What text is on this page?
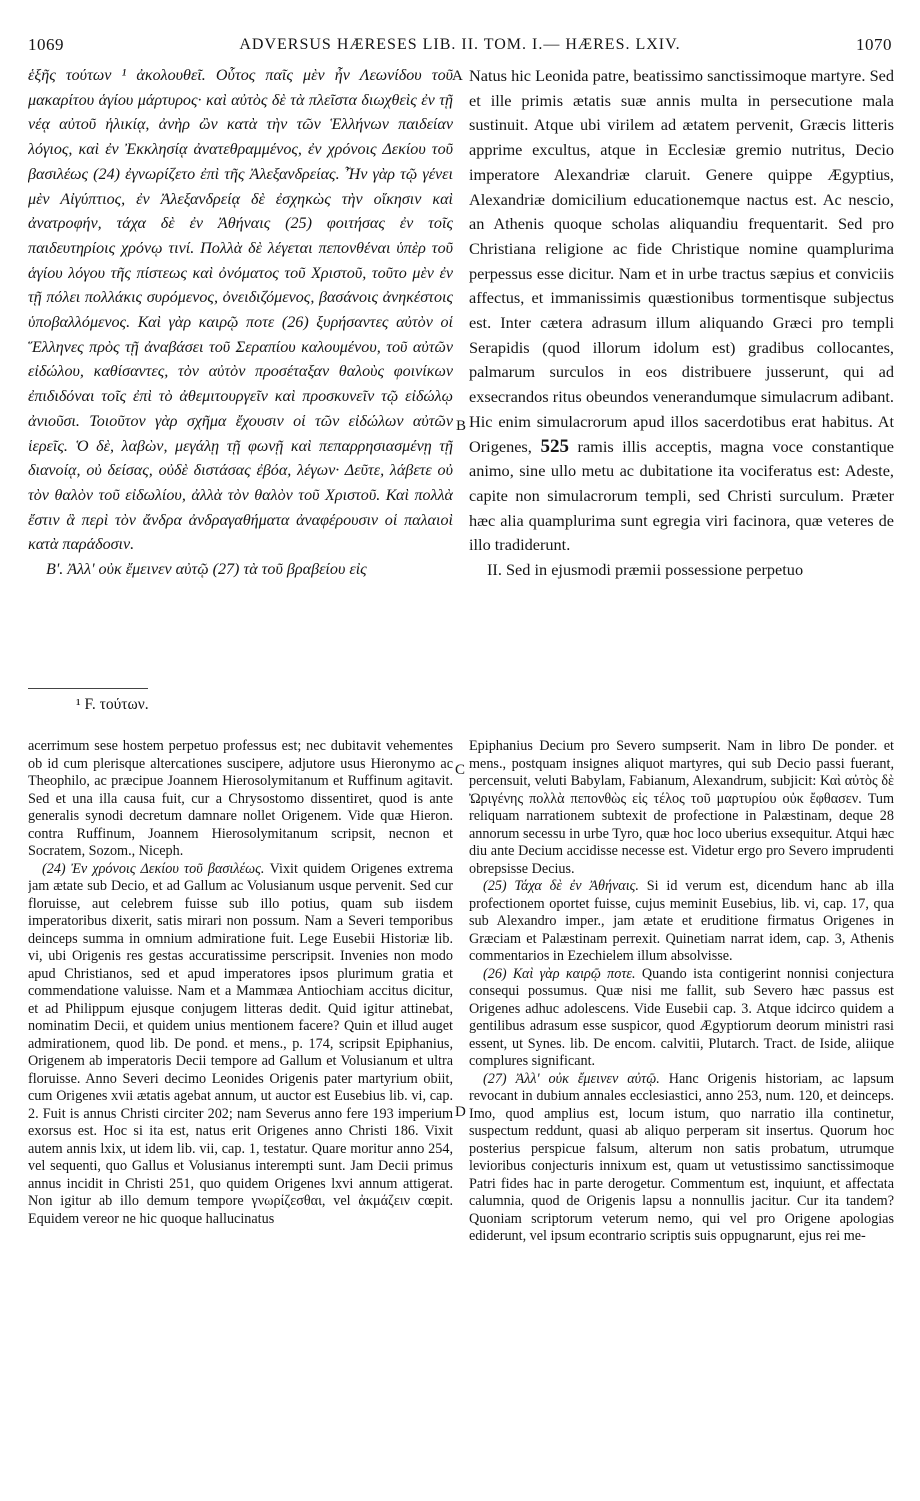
1069	ADVERSUS HÆRESES LIB. II. TOM. I.— HÆRES. LXIV.	1070

ἑξῆς τούτων ¹ ἀκολουθεῖ. Οὗτος παῖς μὲν ἦν Λεωνίδου τοῦ μακαρίτου ἁγίου μάρτυρος· καὶ αὐτὸς δὲ τὰ πλεῖστα διωχθεὶς ἐν τῇ νέᾳ αὐτοῦ ἡλικίᾳ, ἀνὴρ ὢν κατὰ τὴν τῶν Ἑλλήνων παιδείαν λόγιος, καὶ ἐν Ἐκκλησίᾳ ἀνατεθραμμένος, ἐν χρόνοις Δεκίου τοῦ βασιλέως (24) ἐγνωρίζετο ἐπὶ τῆς Ἀλεξανδρείας. Ἦν γὰρ τῷ γένει μὲν Αἰγύπτιος, ἐν Ἀλεξανδρείᾳ δὲ ἐσχηκὼς τὴν οἴκησιν καὶ ἀνατροφήν, τάχα δὲ ἐν Ἀθήναις (25) φοιτήσας ἐν τοῖς παιδευτηρίοις χρόνῳ τινί. Πολλὰ δὲ λέγεται πεπονθέναι ὑπὲρ τοῦ ἁγίου λόγου τῆς πίστεως καὶ ὀνόματος τοῦ Χριστοῦ, τοῦτο μὲν ἐν τῇ πόλει πολλάκις συρόμενος, ὀνειδιζόμενος, βασάνοις ἀνηκέστοις ὑποβαλλόμενος. Καὶ γὰρ καιρῷ ποτε (26) ξυρήσαντες αὐτὸν οἱ Ἕλληνες πρὸς τῇ ἀναβάσει τοῦ Σεραπίου καλουμένου, τοῦ αὐτῶν εἰδώλου, καθίσαντες, τὸν αὐτὸν προσέταξαν θαλοὺς φοινίκων ἐπιδιδόναι τοῖς ἐπὶ τὸ ἀθεμιτουργεῖν καὶ προσκυνεῖν τῷ εἰδώλῳ ἀνιοῦσι. Τοιοῦτον γὰρ σχῆμα ἔχουσιν οἱ τῶν εἰδώλων αὐτῶν ἱερεῖς. Ὁ δὲ, λαβὼν, μεγάλῃ τῇ φωνῇ καὶ πεπαρρησιασμένῃ τῇ διανοίᾳ, οὐ δείσας, οὐδὲ διστάσας ἐβόα, λέγων· Δεῦτε, λάβετε οὐ τὸν θαλὸν τοῦ εἰδωλίου, ἀλλὰ τὸν θαλὸν τοῦ Χριστοῦ. Καὶ πολλὰ ἔστιν ἃ περὶ τὸν ἄνδρα ἀνδραγαθήματα ἀναφέρουσιν οἱ παλαιοὶ κατὰ παράδοσιν.

Β'. Ἀλλ' οὐκ ἔμεινεν αὐτῷ (27) τὰ τοῦ βραβείου εἰς

A
B

Natus hic Leonida patre, beatissimo sanctissimoque martyre. Sed et ille primis ætatis suæ annis multa in persecutione mala sustinuit. Atque ubi virilem ad ætatem pervenit, Græcis litteris apprime excultus, atque in Ecclesiæ gremio nutritus, Decio imperatore Alexandriæ claruit. Genere quippe Ægyptius, Alexandriæ domicilium educationemque nactus est. Ac nescio, an Athenis quoque scholas aliquandiu frequentarit. Sed pro Christiana religione ac fide Christique nomine quamplurima perpessus esse dicitur. Nam et in urbe tractus sæpius et conviciis affectus, et immanissimis quæstionibus tormentisque subjectus est. Inter cætera adrasum illum aliquando Græci pro templi Serapidis (quod illorum idolum est) gradibus collocantes, palmarum surculos in eos distribuere jusserunt, qui ad exsecrandos ritus obeundos venerandumque simulacrum adibant. Hic enim simulacrorum apud illos sacerdotibus erat habitus. At Origenes, 525 ramis illis acceptis, magna voce constantique animo, sine ullo metu ac dubitatione ita vociferatus est: Adeste, capite non simulacrorum templi, sed Christi surculum. Præter hæc alia quamplurima sunt egregia viri facinora, quæ veteres de illo tradiderunt.

II. Sed in ejusmodi præmii possessione perpetuo

¹ F. τούτων.

acerrimum sese hostem perpetuo professus est; nec dubitavit vehementes ob id cum plerisque altercationes suscipere, adjutore usus Hieronymo ac Theophilo, ac præcipue Joannem Hierosolymitanum et Ruffinum agitavit. Sed et una illa causa fuit, cur a Chrysostomo dissentiret, quod is ante generalis synodi decretum damnare nollet Origenem. Vide quæ Hieron. contra Ruffinum, Joannem Hierosolymitanum scripsit, necnon et Socratem, Sozom., Niceph.

(24) Ἐν χρόνοις Δεκίου τοῦ βασιλέως. Vixit quidem Origenes extrema jam ætate sub Decio, et ad Gallum ac Volusianum usque pervenit. Sed cur floruisse, aut celebrem fuisse sub illo potius, quam sub iisdem imperatoribus dixerit, satis mirari non possum. Nam a Severi temporibus deinceps summa in omnium admiratione fuit. Lege Eusebii Historiæ lib. vi, ubi Origenis res gestas accuratissime perscripsit. Invenies non modo apud Christianos, sed et apud imperatores ipsos plurimum gratia et commendatione valuisse. Nam et a Mammæa Antiochiam accitus dicitur, et ad Philippum ejusque conjugem litteras dedit. Quid igitur attinebat, nominatim Decii, et quidem unius mentionem facere? Quin et illud auget admirationem, quod lib. De pond. et mens., p. 174, scripsit Epiphanius, Origenem ab imperatoris Decii tempore ad Gallum et Volusianum et ultra floruisse. Anno Severi decimo Leonides Origenis pater martyrium obiit, cum Origenes xvii ætatis agebat annum, ut auctor est Eusebius lib. vi, cap. 2. Fuit is annus Christi circiter 202; nam Severus anno fere 193 imperium exorsus est. Hoc si ita est, natus erit Origenes anno Christi 186. Vixit autem annis lxix, ut idem lib. vii, cap. 1, testatur. Quare moritur anno 254, vel sequenti, quo Gallus et Volusianus interempti sunt. Jam Decii primus annus incidit in Christi 251, quo quidem Origenes lxvi annum attigerat. Non igitur ab illo demum tempore γνωρίζεσθαι, vel ἀκμάζειν cœpit. Equidem vereor ne hic quoque hallucinatus

C
D

Epiphanius Decium pro Severo sumpserit. Nam in libro De ponder. et mens., postquam insignes aliquot martyres, qui sub Decio passi fuerant, percensuit, veluti Babylam, Fabianum, Alexandrum, subjicit: Καὶ αὐτὸς δὲ Ὠριγένης πολλὰ πεπονθὼς εἰς τέλος τοῦ μαρτυρίου οὐκ ἔφθασεν. Tum reliquam narrationem subtexit de profectione in Palæstinam, deque 28 annorum secessu in urbe Tyro, quæ hoc loco uberius exsequitur. Atqui hæc diu ante Decium accidisse necesse est. Videtur ergo pro Severo imprudenti obrepsisse Decius.

(25) Τάχα δὲ ἐν Ἀθήναις. Si id verum est, dicendum hanc ab illa profectionem oportet fuisse, cujus meminit Eusebius, lib. vi, cap. 17, qua sub Alexandro imper., jam ætate et eruditione firmatus Origenes in Græciam et Palæstinam perrexit. Quinetiam narrat idem, cap. 3, Athenis commentarios in Ezechielem illum absolvisse.

(26) Καὶ γὰρ καιρῷ ποτε. Quando ista contigerint nonnisi conjectura consequi possumus. Quæ nisi me fallit, sub Severo hæc passus est Origenes adhuc adolescens. Vide Eusebii cap. 3. Atque idcirco quidem a gentilibus adrasum esse suspicor, quod Ægyptiorum deorum ministri rasi essent, ut Synes. lib. De encom. calvitii, Plutarch. Tract. de Iside, aliique complures significant.

(27) Ἀλλ' οὐκ ἔμεινεν αὐτῷ. Hanc Origenis historiam, ac lapsum revocant in dubium annales ecclesiastici, anno 253, num. 120, et deinceps. Imo, quod amplius est, locum istum, quo narratio illa continetur, suspectum reddunt, quasi ab aliquo perperam sit insertus. Quorum hoc posterius perspicue falsum, alterum non satis probatum, utrumque levioribus conjecturis innixum est, quam ut vetustissimo sanctissimoque Patri fides hac in parte derogetur. Commentum est, inquiunt, et affectata calumnia, quod de Origenis lapsu a nonnullis jacitur. Cur ita tandem? Quoniam scriptorum veterum nemo, qui vel pro Origene apologias ediderunt, vel ipsum econtrario scriptis suis oppugnarunt, ejus rei me-
